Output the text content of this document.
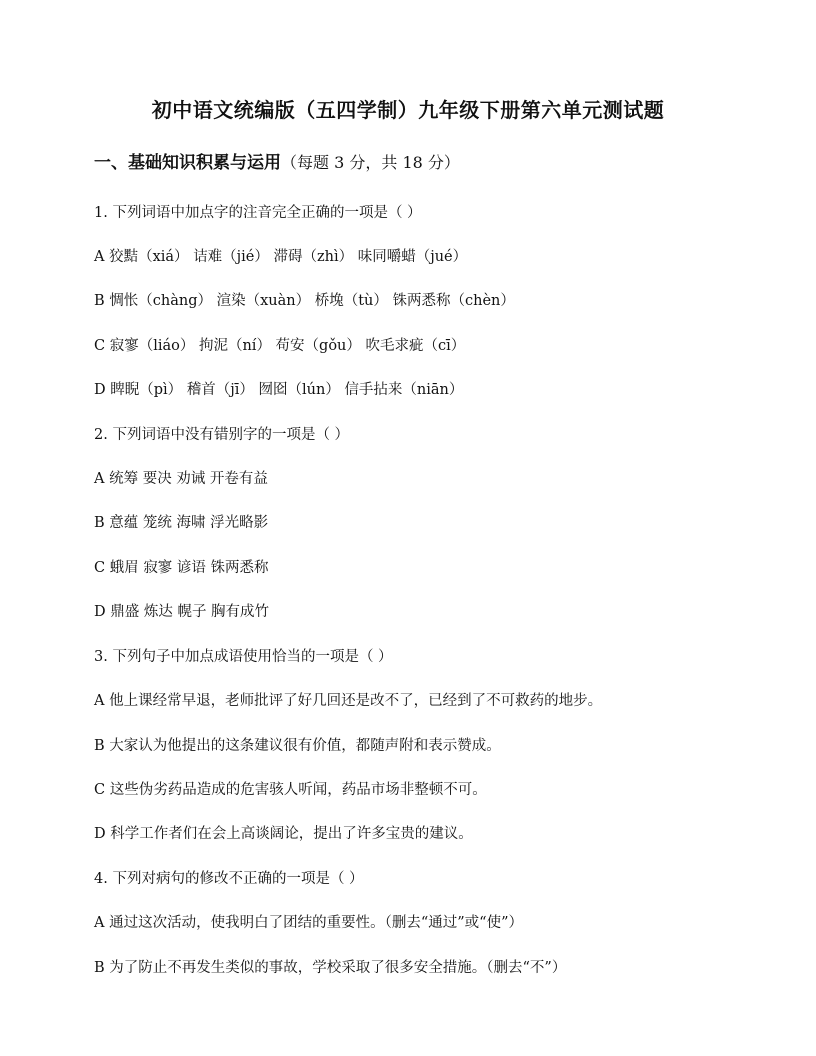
初中语文统编版（五四学制）九年级下册第六单元测试题
一、基础知识积累与运用（每题 3 分，共 18 分）
1. 下列词语中加点字的注音完全正确的一项是（ ）
A 狡黠（xiá） 诘难（jié） 滞碍（zhì） 味同嚼蜡（jué）
B 惆怅（chàng） 渲染（xuàn） 桥堍（tù） 铢两悉称（chèn）
C 寂寥（liáo） 拘泥（ní） 苟安（gǒu） 吹毛求疵（cī）
D 睥睨（pì） 稽首（jī） 囫囵（lún） 信手拈来（niān）
2. 下列词语中没有错别字的一项是（ ）
A 统筹 要决 劝诫 开卷有益
B 意蕴 笼统 海啸 浮光略影
C 蛾眉 寂寥 谚语 铢两悉称
D 鼎盛 炼达 幌子 胸有成竹
3. 下列句子中加点成语使用恰当的一项是（ ）
A 他上课经常早退，老师批评了好几回还是改不了，已经到了不可救药的地步。
B 大家认为他提出的这条建议很有价值，都随声附和表示赞成。
C 这些伪劣药品造成的危害骇人听闻，药品市场非整顿不可。
D 科学工作者们在会上高谈阔论，提出了许多宝贵的建议。
4. 下列对病句的修改不正确的一项是（ ）
A 通过这次活动，使我明白了团结的重要性。（删去“通过”或“使”）
B 为了防止不再发生类似的事故，学校采取了很多安全措施。（删去“不”）
